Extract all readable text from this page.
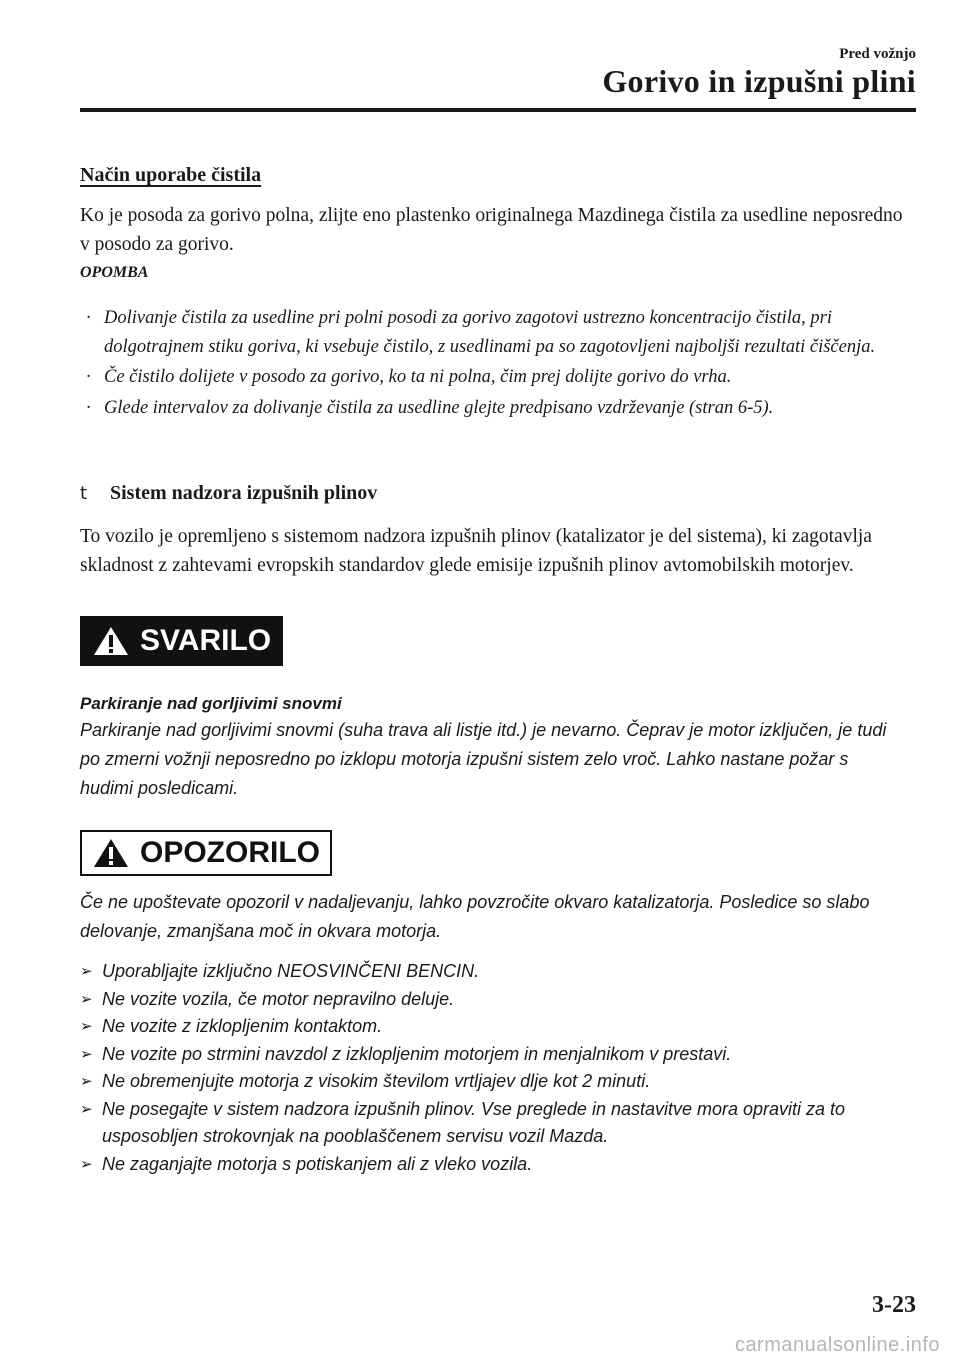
Pred vožnjo
Gorivo in izpušni plini
Način uporabe čistila
Ko je posoda za gorivo polna, zlijte eno plastenko originalnega Mazdinega čistila za usedline neposredno v posodo za gorivo.
OPOMBA
· Dolivanje čistila za usedline pri polni posodi za gorivo zagotovi ustrezno koncentracijo čistila, pri dolgotrajnem stiku goriva, ki vsebuje čistilo, z usedlinami pa so zagotovljeni najboljši rezultati čiščenja.
· Če čistilo dolijete v posodo za gorivo, ko ta ni polna, čim prej dolijte gorivo do vrha.
· Glede intervalov za dolivanje čistila za usedline glejte predpisano vzdrževanje (stran 6-5).
t Sistem nadzora izpušnih plinov
To vozilo je opremljeno s sistemom nadzora izpušnih plinov (katalizator je del sistema), ki zagotavlja skladnost z zahtevami evropskih standardov glede emisije izpušnih plinov avtomobilskih motorjev.
SVARILO
Parkiranje nad gorljivimi snovmi
Parkiranje nad gorljivimi snovmi (suha trava ali listje itd.) je nevarno. Čeprav je motor izključen, je tudi po zmerni vožnji neposredno po izklopu motorja izpušni sistem zelo vroč. Lahko nastane požar s hudimi posledicami.
OPOZORILO
Če ne upoštevate opozoril v nadaljevanju, lahko povzročite okvaro katalizatorja. Posledice so slabo delovanje, zmanjšana moč in okvara motorja.
➢ Uporabljajte izključno NEOSVINČENI BENCIN.
➢ Ne vozite vozila, če motor nepravilno deluje.
➢ Ne vozite z izklopljenim kontaktom.
➢ Ne vozite po strmini navzdol z izklopljenim motorjem in menjalnikom v prestavi.
➢ Ne obremenjujte motorja z visokim številom vrtljajev dlje kot 2 minuti.
➢ Ne posegajte v sistem nadzora izpušnih plinov. Vse preglede in nastavitve mora opraviti za to usposobljen strokovnjak na pooblaščenem servisu vozil Mazda.
➢ Ne zaganjajte motorja s potiskanjem ali z vleko vozila.
3-23
carmanualsonline.info
